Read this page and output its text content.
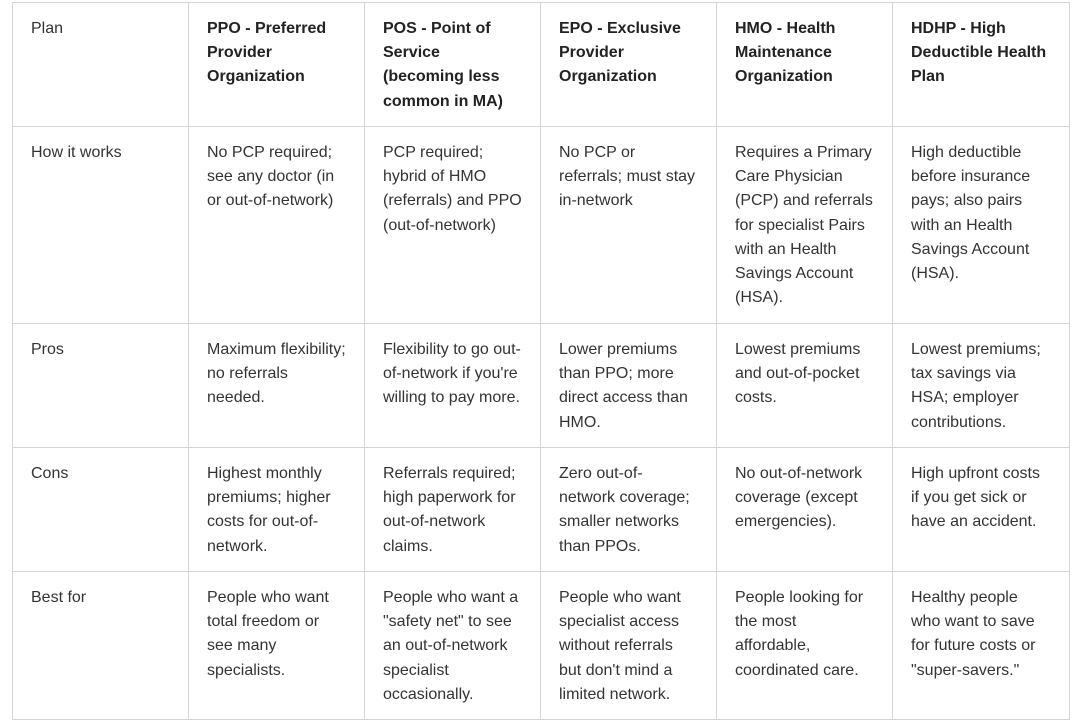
Plan	PPO - Preferred Provider Organization	POS - Point of Service (becoming less common in MA)	EPO - Exclusive Provider Organization	HMO - Health Maintenance Organization	HDHP - High Deductible Health Plan
How it works	No PCP required; see any doctor (in or out-of-network)	PCP required; hybrid of HMO (referrals) and PPO (out-of-network)	No PCP or referrals; must stay in-network	Requires a Primary Care Physician (PCP) and referrals for specialist Pairs with an Health Savings Account (HSA).	High deductible before insurance pays; also pairs with an Health Savings Account (HSA).
Pros	Maximum flexibility; no referrals needed.	Flexibility to go out-of-network if you're willing to pay more.	Lower premiums than PPO; more direct access than HMO.	Lowest premiums and out-of-pocket costs.	Lowest premiums; tax savings via HSA; employer contributions.
Cons	Highest monthly premiums; higher costs for out-of-network.	Referrals required; high paperwork for out-of-network claims.	Zero out-of-network coverage; smaller networks than PPOs.	No out-of-network coverage (except emergencies).	High upfront costs if you get sick or have an accident.
Best for	People who want total freedom or see many specialists.	People who want a "safety net" to see an out-of-network specialist occasionally.	People who want specialist access without referrals but don't mind a limited network.	People looking for the most affordable, coordinated care.	Healthy people who want to save for future costs or "super-savers."
